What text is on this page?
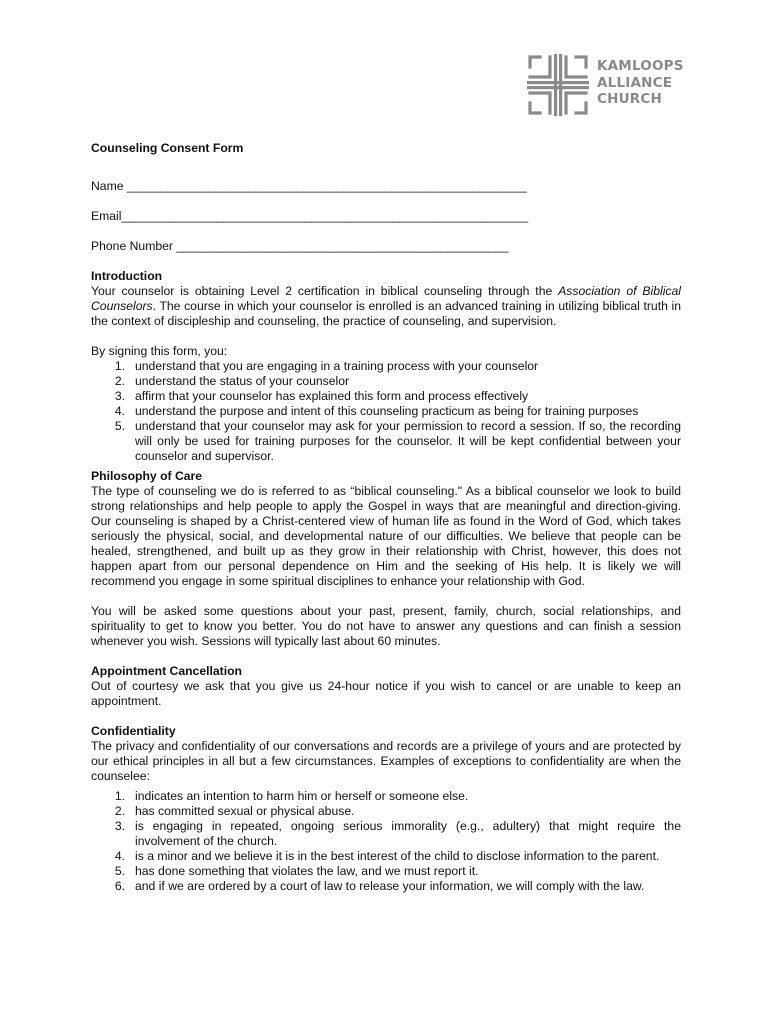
KAMLOOPS
ALLIANCE
CHURCH
Counseling Consent Form
Name ___________________________________________________________
Email____________________________________________________________
Phone Number _________________________________________________
Introduction
Your counselor is obtaining Level 2 certification in biblical counseling through the Association of Biblical Counselors. The course in which your counselor is enrolled is an advanced training in utilizing biblical truth in the context of discipleship and counseling, the practice of counseling, and supervision.
By signing this form, you:
1. understand that you are engaging in a training process with your counselor
2. understand the status of your counselor
3. affirm that your counselor has explained this form and process effectively
4. understand the purpose and intent of this counseling practicum as being for training purposes
5. understand that your counselor may ask for your permission to record a session. If so, the recording will only be used for training purposes for the counselor. It will be kept confidential between your counselor and supervisor.
Philosophy of Care
The type of counseling we do is referred to as “biblical counseling." As a biblical counselor we look to build strong relationships and help people to apply the Gospel in ways that are meaningful and direction-giving. Our counseling is shaped by a Christ-centered view of human life as found in the Word of God, which takes seriously the physical, social, and developmental nature of our difficulties. We believe that people can be healed, strengthened, and built up as they grow in their relationship with Christ, however, this does not happen apart from our personal dependence on Him and the seeking of His help. It is likely we will recommend you engage in some spiritual disciplines to enhance your relationship with God.
You will be asked some questions about your past, present, family, church, social relationships, and spirituality to get to know you better. You do not have to answer any questions and can finish a session whenever you wish. Sessions will typically last about 60 minutes.
Appointment Cancellation
Out of courtesy we ask that you give us 24-hour notice if you wish to cancel or are unable to keep an appointment.
Confidentiality
The privacy and confidentiality of our conversations and records are a privilege of yours and are protected by our ethical principles in all but a few circumstances. Examples of exceptions to confidentiality are when the counselee:
1. indicates an intention to harm him or herself or someone else.
2. has committed sexual or physical abuse.
3. is engaging in repeated, ongoing serious immorality (e.g., adultery) that might require the involvement of the church.
4. is a minor and we believe it is in the best interest of the child to disclose information to the parent.
5. has done something that violates the law, and we must report it.
6. and if we are ordered by a court of law to release your information, we will comply with the law.
